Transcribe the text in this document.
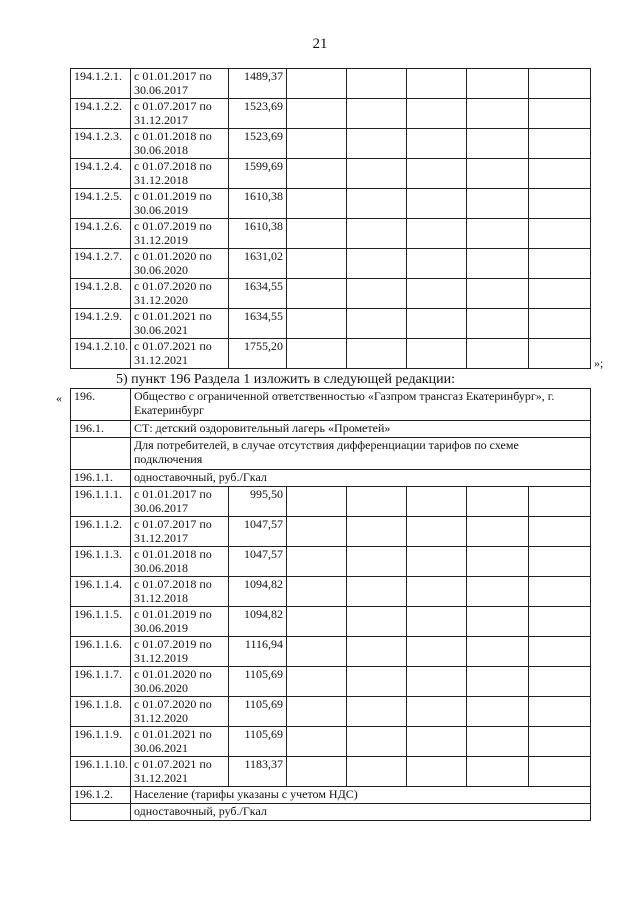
21
194.1.2.1.	с 01.01.2017 по 30.06.2017	1489,37					
194.1.2.2.	с 01.07.2017 по 31.12.2017	1523,69					
194.1.2.3.	с 01.01.2018 по 30.06.2018	1523,69					
194.1.2.4.	с 01.07.2018 по 31.12.2018	1599,69					
194.1.2.5.	с 01.01.2019 по 30.06.2019	1610,38					
194.1.2.6.	с 01.07.2019 по 31.12.2019	1610,38					
194.1.2.7.	с 01.01.2020 по 30.06.2020	1631,02					
194.1.2.8.	с 01.07.2020 по 31.12.2020	1634,55					
194.1.2.9.	с 01.01.2021 по 30.06.2021	1634,55					
194.1.2.10.	с 01.07.2021 по 31.12.2021	1755,20					
»;
5) пункт 196 Раздела 1 изложить в следующей редакции:
« 196.	Общество с ограниченной ответственностью «Газпром трансгаз Екатеринбург», г. Екатеринбург						
196.1.	СТ: детский оздоровительный лагерь «Прометей»						
	Для потребителей, в случае отсутствия дифференциации тарифов по схеме подключения						
196.1.1.	одноставочный, руб./Гкал						
196.1.1.1.	с 01.01.2017 по 30.06.2017	995,50					
196.1.1.2.	с 01.07.2017 по 31.12.2017	1047,57					
196.1.1.3.	с 01.01.2018 по 30.06.2018	1047,57					
196.1.1.4.	с 01.07.2018 по 31.12.2018	1094,82					
196.1.1.5.	с 01.01.2019 по 30.06.2019	1094,82					
196.1.1.6.	с 01.07.2019 по 31.12.2019	1116,94					
196.1.1.7.	с 01.01.2020 по 30.06.2020	1105,69					
196.1.1.8.	с 01.07.2020 по 31.12.2020	1105,69					
196.1.1.9.	с 01.01.2021 по 30.06.2021	1105,69					
196.1.1.10.	с 01.07.2021 по 31.12.2021	1183,37					
196.1.2.	Население (тарифы указаны с учетом НДС)						
	одноставочный, руб./Гкал						
